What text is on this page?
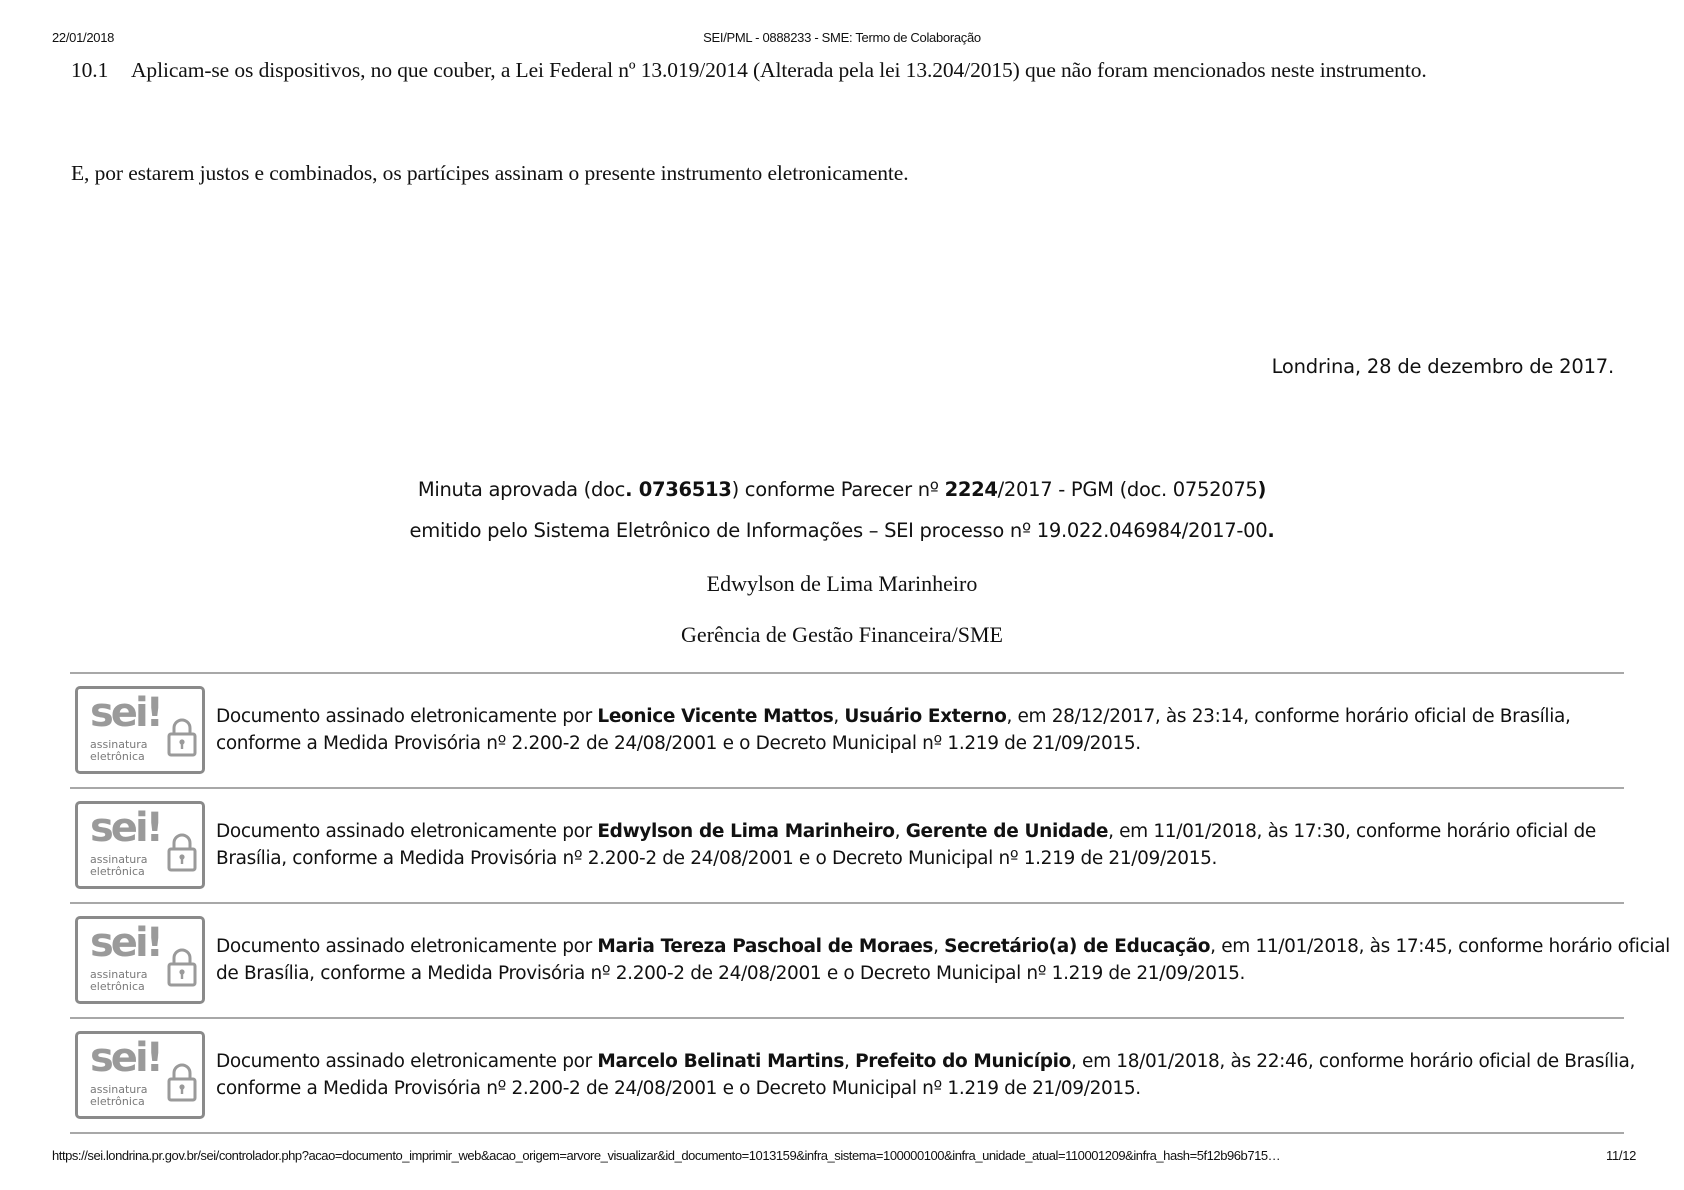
22/01/2018	SEI/PML - 0888233 - SME: Termo de Colaboração
10.1 Aplicam-se os dispositivos, no que couber, a Lei Federal nº 13.019/2014 (Alterada pela lei 13.204/2015) que não foram mencionados neste instrumento.
E, por estarem justos e combinados, os partícipes assinam o presente instrumento eletronicamente.
Londrina, 28 de dezembro de 2017.
Minuta aprovada (doc. 0736513) conforme Parecer nº 2224/2017 - PGM (doc. 0752075)
emitido pelo Sistema Eletrônico de Informações – SEI processo nº 19.022.046984/2017-00.
Edwylson de Lima Marinheiro
Gerência de Gestão Financeira/SME
sei!
assinatura
eletrônica
Documento assinado eletronicamente por Leonice Vicente Mattos, Usuário Externo, em 28/12/2017, às 23:14, conforme horário oficial de Brasília,
conforme a Medida Provisória nº 2.200-2 de 24/08/2001 e o Decreto Municipal nº 1.219 de 21/09/2015.
sei!
assinatura
eletrônica
Documento assinado eletronicamente por Edwylson de Lima Marinheiro, Gerente de Unidade, em 11/01/2018, às 17:30, conforme horário oficial de
Brasília, conforme a Medida Provisória nº 2.200-2 de 24/08/2001 e o Decreto Municipal nº 1.219 de 21/09/2015.
sei!
assinatura
eletrônica
Documento assinado eletronicamente por Maria Tereza Paschoal de Moraes, Secretário(a) de Educação, em 11/01/2018, às 17:45, conforme horário oficial
de Brasília, conforme a Medida Provisória nº 2.200-2 de 24/08/2001 e o Decreto Municipal nº 1.219 de 21/09/2015.
sei!
assinatura
eletrônica
Documento assinado eletronicamente por Marcelo Belinati Martins, Prefeito do Município, em 18/01/2018, às 22:46, conforme horário oficial de Brasília,
conforme a Medida Provisória nº 2.200-2 de 24/08/2001 e o Decreto Municipal nº 1.219 de 21/09/2015.
https://sei.londrina.pr.gov.br/sei/controlador.php?acao=documento_imprimir_web&acao_origem=arvore_visualizar&id_documento=1013159&infra_sistema=100000100&infra_unidade_atual=110001209&infra_hash=5f12b96b715…	11/12
